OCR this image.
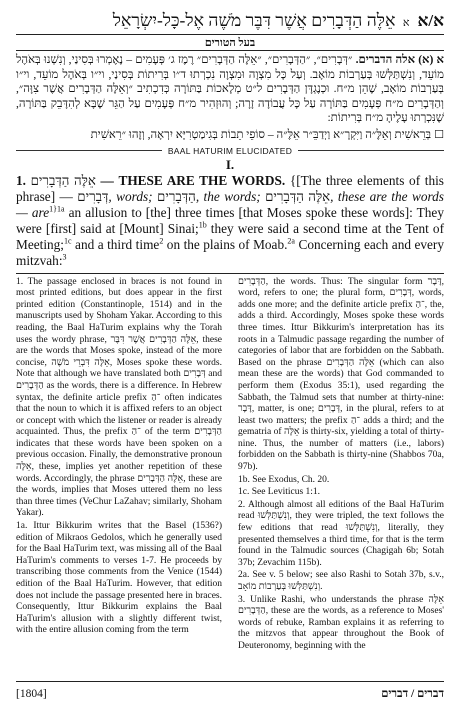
א/א
א אֵלֶּה הַדְּבָרִים אֲשֶׁר דִּבֶּר מֹשֶׁה אֶל-כָּל-יִשְׂרָאֵל
בעל הטורים

א (א) אלה הדברים. ״דְּבָרִים״, ״הַדְּבָרִים״, ״אֵלֶּה הַדְּבָרִים״ רֶמֶז ג׳ פְּעָמִים – נֶאֶמְרוּ בְּסִינַי, וְנִשְׁנוּ בְּאֹהֶל מוֹעֵד, וְנִשְׁתַּלְּשׁוּ בְּעַרְבוֹת מוֹאָב. וְעַל כָּל מִצְוָה וּמִצְוָה נִכְרְתוּ ד״ו בְּרִיתוֹת בְּסִינַי, וי״ו בְּאֹהֶל מוֹעֵד, וי״ו בְּעַרְבוֹת מוֹאָב, שֶׁהֵן מ״ח. וּכְנֶגְדָּן הַדְּבָרִים ל״ט מְלָאכוֹת בַּתּוֹרָה כְּדִכְתִיב ״וְאֵלֶּה הַדְּבָרִים אֲשֶׁר צִוָּה״, וְהַדְּבָרִים מ״ח פְּעָמִים בַּתּוֹרָה עַל כָּל עֲבוֹדָה זָרָה; וְהוּזְהִיר מ״ח פְּעָמִים עַל הַגֵּר שֶׁבָּא לְהִדָּבֵק בַּתּוֹרָה, שֶׁנִּכְרְתוּ עָלֶיהָ מ״ח בְּרִיתוֹת:

☐בְּרֵאשִׁית וְאֵלֶּ״ה וַיִּקְרָ״א וַיְדַבֵּ״ר אֵלֶּ״ה – סוֹפֵי תֵבוֹת בְּגִימַטְרִיָּא יִרְאָה, וְזֶהוּ ״רֵאשִׁית

BAAL HATURIM ELUCIDATED
I.
1. אֵלֶּה הַדְּבָרִים — THESE ARE THE WORDS. {[The three elements of this phrase] — דְּבָרִים, words; הַדְּבָרִים, the words; אֵלֶּה הַדְּבָרִים, these are the words — are$^{1\}1a}$ an allusion to [the] three times [that Moses spoke these words]: They were [first] said at [Mount] Sinai;$^{1b}$ they were said a second time at the Tent of Meeting;$^{1c}$ and a third time$^2$ on the plains of Moab.$^{2a}$ Concerning each and every mitzvah:$^3$

1. The passage enclosed in braces is not found in most printed editions, but does appear in the first printed edition (Constantinople, 1514) and in the manuscripts used by Shoham Yakar. According to this reading, the Baal HaTurim explains why the Torah uses the wordy phrase, אֵלֶּה הַדְּבָרִים אֲשֶׁר דִּבֶּר, these are the words that Moses spoke, instead of the more concise, אֵלֶּה דִּבְרֵי מֹשֶׁה, Moses spoke these words. Note that although we have translated both דְּבָרִים and הַדְּבָרִים as the words, there is a difference. In Hebrew syntax, the definite article prefix ־הַ often indicates that the noun to which it is affixed refers to an object or concept with which the listener or reader is already acquainted. Thus, the prefix ־הַ of the term הַדְּבָרִים indicates that these words have been spoken on a previous occasion. Finally, the demonstrative pronoun אֵלֶּה, these, implies yet another repetition of these words. Accordingly, the phrase אֵלֶּה הַדְּבָרִים, these are the words, implies that Moses uttered them no less than three times (VeChur LaZahav; similarly, Shoham Yakar).

1a. Ittur Bikkurim writes that the Basel (1536?) edition of Mikraos Gedolos, which he generally used for the Baal HaTurim text, was missing all of the Baal HaTurim's comments to verses 1-7. He proceeds by transcribing those comments from the Venice (1544) edition of the Baal HaTurim. However, that edition does not include the passage presented here in braces. Consequently, Ittur Bikkurim explains the Baal HaTurim's allusion with a slightly different twist, with the entire allusion coming from the term

הַדְּבָרִים, the words. Thus: The singular form דָּבָר, word, refers to one; the plural form, דְּבָרִים, words, adds one more; and the definite article prefix ־הַ, the, adds a third. Accordingly, Moses spoke these words three times. Ittur Bikkurim's interpretation has its roots in a Talmudic passage regarding the number of categories of labor that are forbidden on the Sabbath. Based on the phrase אֵלֶּה הַדְּבָרִים (which can also mean these are the words) that God commanded to perform them (Exodus 35:1), used regarding the Sabbath, the Talmud sets that number at thirty-nine: דָּבָר, matter, is one; דְּבָרִים, in the plural, refers to at least two matters; the prefix ־הַ adds a third; and the gematria of אֵלֶּה is thirty-six, yielding a total of thirty-nine. Thus, the number of matters (i.e., labors) forbidden on the Sabbath is thirty-nine (Shabbos 70a, 97b).

1b. See Exodus, Ch. 20.

1c. See Leviticus 1:1.

2. Although almost all editions of the Baal HaTurim read וְנִשְׁתַּלְּשׁוּ, they were tripled, the text follows the few editions that read וְנִשְׁתַּלְּשׁוּ, literally, they presented themselves a third time, for that is the term found in the Talmudic sources (Chagigah 6b; Sotah 37b; Zevachim 115b).

2a. See v. 5 below; see also Rashi to Sotah 37b, s.v., וְנִשְׁתַּלְּשׁוּ בְּעַרְבוֹת מוֹאָב.

3. Unlike Rashi, who understands the phrase אֵלֶּה הַדְּבָרִים, these are the words, as a reference to Moses' words of rebuke, Ramban explains it as referring to the mitzvos that appear throughout the Book of Deuteronomy, beginning with the

[1804]	דברים / דברים
